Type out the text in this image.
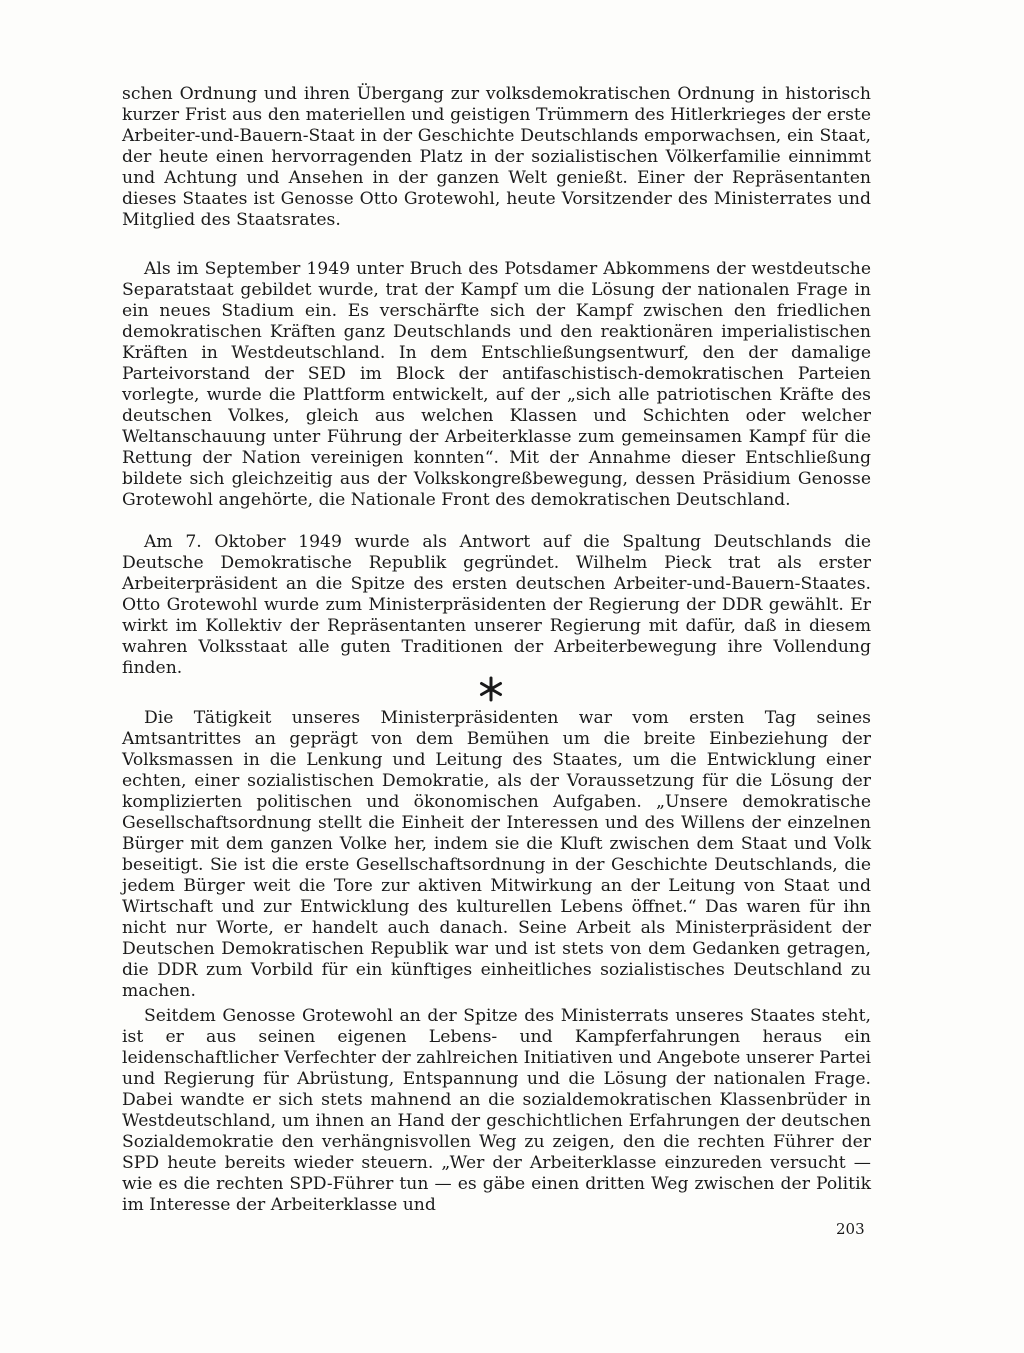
schen Ordnung und ihren Übergang zur volksdemokratischen Ordnung in historisch kurzer Frist aus den materiellen und geistigen Trümmern des Hitlerkrieges der erste Arbeiter-und-Bauern-Staat in der Geschichte Deutschlands emporwachsen, ein Staat, der heute einen hervorragenden Platz in der sozialistischen Völkerfamilie einnimmt und Achtung und Ansehen in der ganzen Welt genießt. Einer der Repräsentanten dieses Staates ist Genosse Otto Grotewohl, heute Vorsitzender des Ministerrates und Mitglied des Staatsrates.

Als im September 1949 unter Bruch des Potsdamer Abkommens der westdeutsche Separatstaat gebildet wurde, trat der Kampf um die Lösung der nationalen Frage in ein neues Stadium ein. Es verschärfte sich der Kampf zwischen den friedlichen demokratischen Kräften ganz Deutschlands und den reaktionären imperialistischen Kräften in Westdeutschland. In dem Entschließungsentwurf, den der damalige Parteivorstand der SED im Block der antifaschistisch-demokratischen Parteien vorlegte, wurde die Plattform entwickelt, auf der „sich alle patriotischen Kräfte des deutschen Volkes, gleich aus welchen Klassen und Schichten oder welcher Weltanschauung unter Führung der Arbeiterklasse zum gemeinsamen Kampf für die Rettung der Nation vereinigen konnten“. Mit der Annahme dieser Entschließung bildete sich gleichzeitig aus der Volkskongreßbewegung, dessen Präsidium Genosse Grotewohl angehörte, die Nationale Front des demokratischen Deutschland.

Am 7. Oktober 1949 wurde als Antwort auf die Spaltung Deutschlands die Deutsche Demokratische Republik gegründet. Wilhelm Pieck trat als erster Arbeiterpräsident an die Spitze des ersten deutschen Arbeiter-und-Bauern-Staates. Otto Grotewohl wurde zum Ministerpräsidenten der Regierung der DDR gewählt. Er wirkt im Kollektiv der Repräsentanten unserer Regierung mit dafür, daß in diesem wahren Volksstaat alle guten Traditionen der Arbeiterbewegung ihre Vollendung finden.

Die Tätigkeit unseres Ministerpräsidenten war vom ersten Tag seines Amtsantrittes an geprägt von dem Bemühen um die breite Einbeziehung der Volksmassen in die Lenkung und Leitung des Staates, um die Entwicklung einer echten, einer sozialistischen Demokratie, als der Voraussetzung für die Lösung der komplizierten politischen und ökonomischen Aufgaben. „Unsere demokratische Gesellschaftsordnung stellt die Einheit der Interessen und des Willens der einzelnen Bürger mit dem ganzen Volke her, indem sie die Kluft zwischen dem Staat und Volk beseitigt. Sie ist die erste Gesellschaftsordnung in der Geschichte Deutschlands, die jedem Bürger weit die Tore zur aktiven Mitwirkung an der Leitung von Staat und Wirtschaft und zur Entwicklung des kulturellen Lebens öffnet.“ Das waren für ihn nicht nur Worte, er handelt auch danach. Seine Arbeit als Ministerpräsident der Deutschen Demokratischen Republik war und ist stets von dem Gedanken getragen, die DDR zum Vorbild für ein künftiges einheitliches sozialistisches Deutschland zu machen.

Seitdem Genosse Grotewohl an der Spitze des Ministerrats unseres Staates steht, ist er aus seinen eigenen Lebens- und Kampferfahrungen heraus ein leidenschaftlicher Verfechter der zahlreichen Initiativen und Angebote unserer Partei und Regierung für Abrüstung, Entspannung und die Lösung der nationalen Frage. Dabei wandte er sich stets mahnend an die sozialdemokratischen Klassenbrüder in Westdeutschland, um ihnen an Hand der geschichtlichen Erfahrungen der deutschen Sozialdemokratie den verhängnisvollen Weg zu zeigen, den die rechten Führer der SPD heute bereits wieder steuern. „Wer der Arbeiterklasse einzureden versucht — wie es die rechten SPD-Führer tun — es gäbe einen dritten Weg zwischen der Politik im Interesse der Arbeiterklasse und

203
